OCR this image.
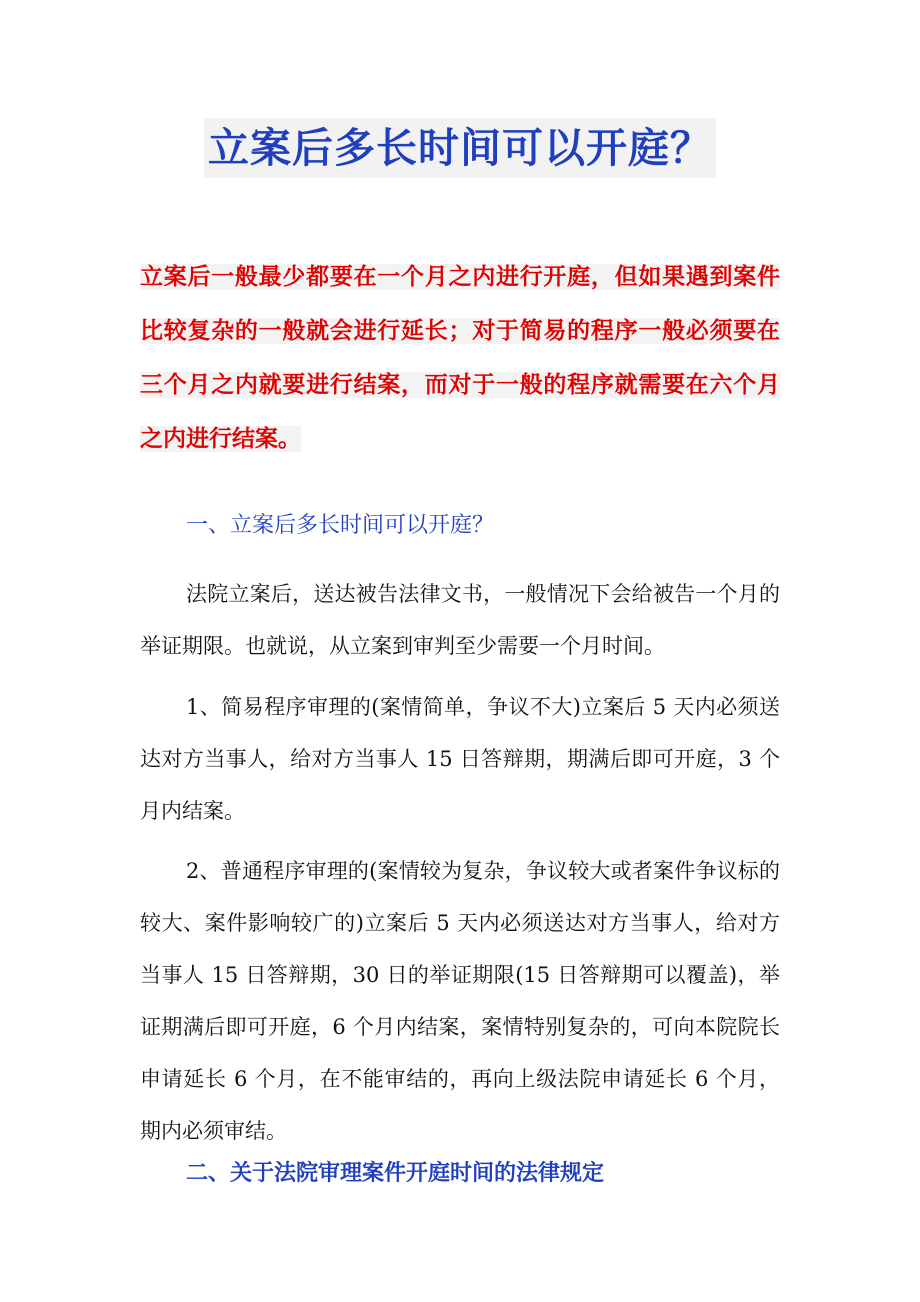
立案后多长时间可以开庭？
立案后一般最少都要在一个月之内进行开庭，但如果遇到案件比较复杂的一般就会进行延长；对于简易的程序一般必须要在三个月之内就要进行结案，而对于一般的程序就需要在六个月之内进行结案。
一、立案后多长时间可以开庭？

法院立案后，送达被告法律文书，一般情况下会给被告一个月的举证期限。也就说，从立案到审判至少需要一个月时间。

1、简易程序审理的(案情简单，争议不大)立案后 5 天内必须送达对方当事人，给对方当事人 15 日答辩期，期满后即可开庭，3 个月内结案。

2、普通程序审理的(案情较为复杂，争议较大或者案件争议标的较大、案件影响较广的)立案后 5 天内必须送达对方当事人，给对方当事人 15 日答辩期，30 日的举证期限(15 日答辩期可以覆盖)，举证期满后即可开庭，6 个月内结案，案情特别复杂的，可向本院院长申请延长 6 个月，在不能审结的，再向上级法院申请延长 6 个月，期内必须审结。

二、关于法院审理案件开庭时间的法律规定
